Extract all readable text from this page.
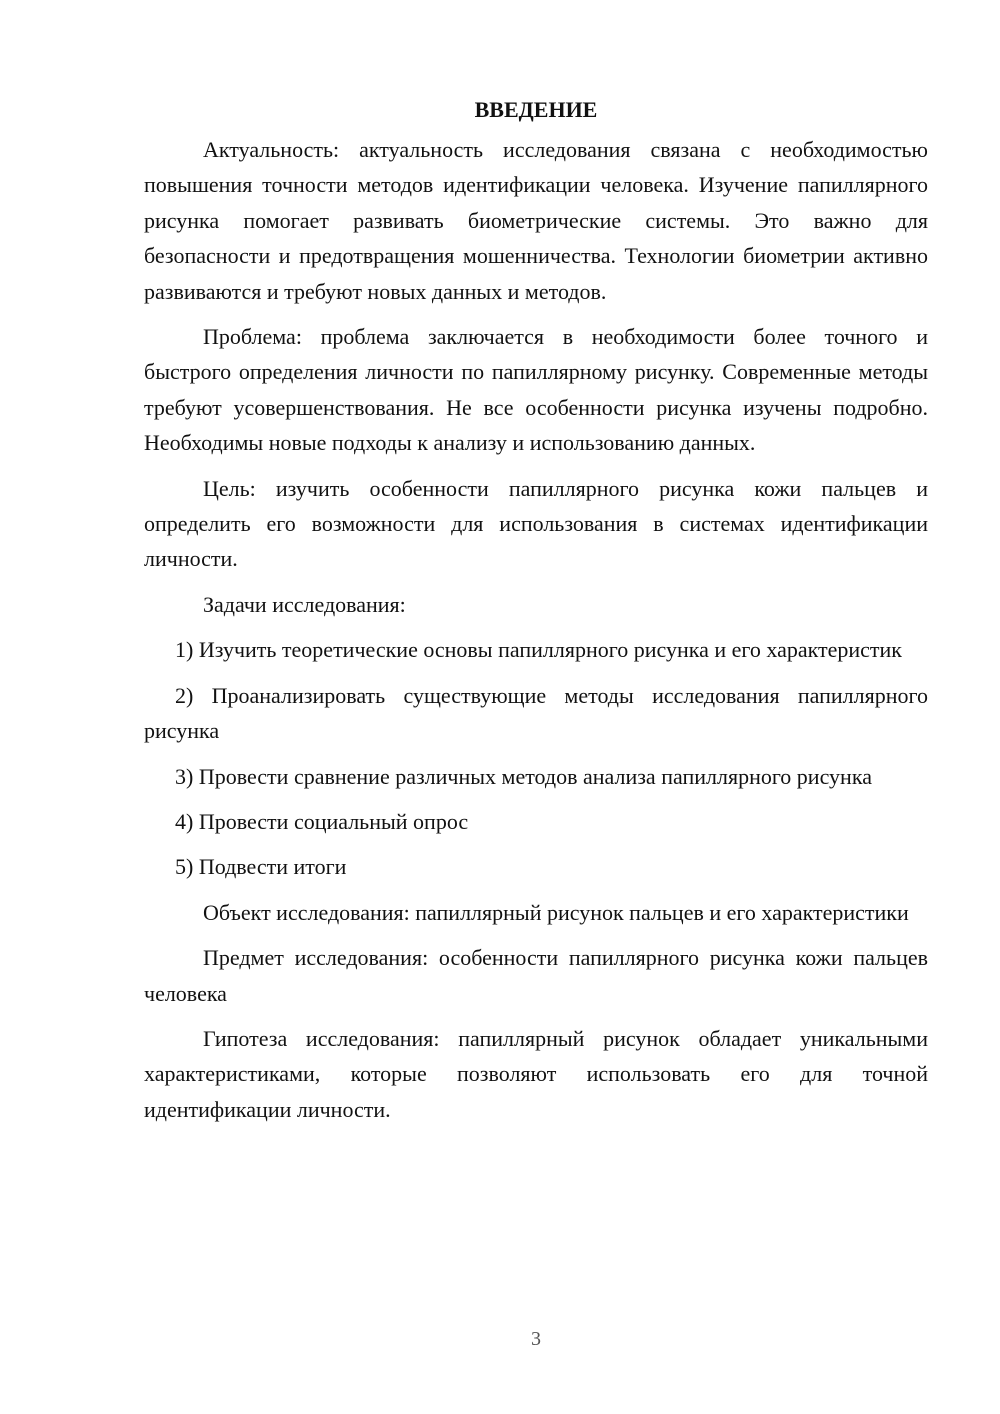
ВВЕДЕНИЕ

Актуальность: актуальность исследования связана с необходимостью повышения точности методов идентификации человека. Изучение папиллярного рисунка помогает развивать биометрические системы. Это важно для безопасности и предотвращения мошенничества. Технологии биометрии активно развиваются и требуют новых данных и методов.

Проблема: проблема заключается в необходимости более точного и быстрого определения личности по папиллярному рисунку. Современные методы требуют усовершенствования. Не все особенности рисунка изучены подробно. Необходимы новые подходы к анализу и использованию данных.

Цель: изучить особенности папиллярного рисунка кожи пальцев и определить его возможности для использования в системах идентификации личности.

Задачи исследования:

1) Изучить теоретические основы папиллярного рисунка и его характеристик

2) Проанализировать существующие методы исследования папиллярного рисунка

3) Провести сравнение различных методов анализа папиллярного рисунка

4) Провести социальный опрос

5) Подвести итоги

Объект исследования: папиллярный рисунок пальцев и его характеристики

Предмет исследования: особенности папиллярного рисунка кожи пальцев человека

Гипотеза исследования: папиллярный рисунок обладает уникальными характеристиками, которые позволяют использовать его для точной идентификации личности.

3
